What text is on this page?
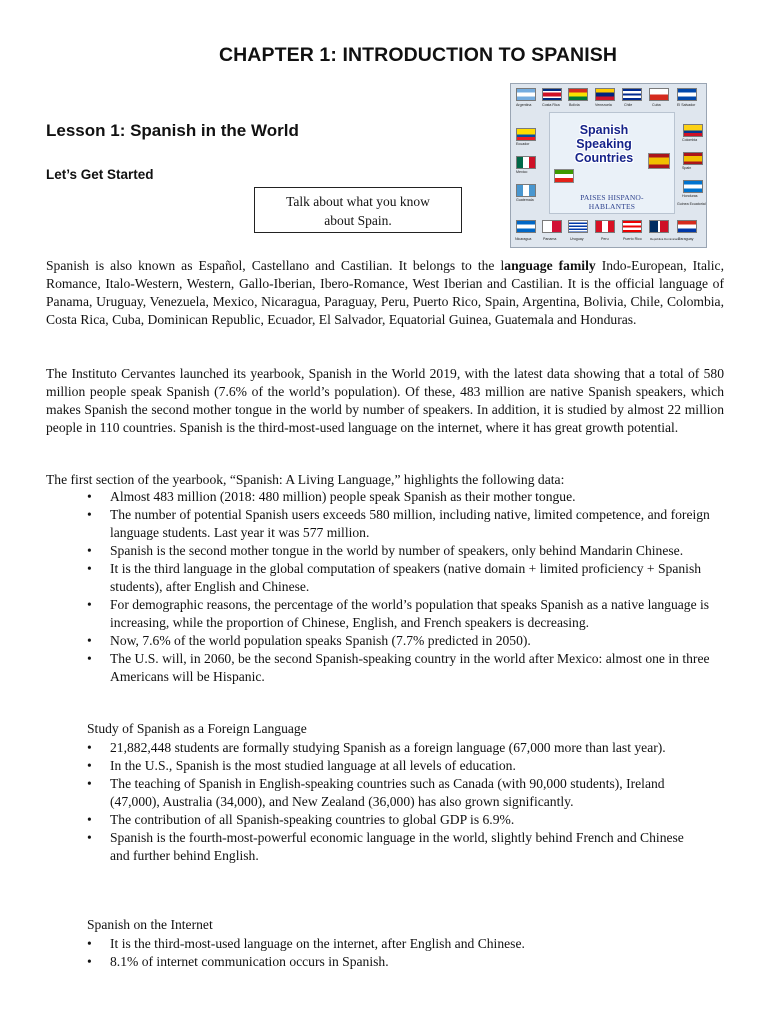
CHAPTER 1: INTRODUCTION TO SPANISH
Lesson 1: Spanish in the World
Let’s Get Started
Talk about what you know
about Spain.
Argentina	Costa Rica	Bolivia	Venezuela	Chile	Cuba	El Salvador
Ecuador
Mexico
Guatemala
Colombia
Spain
Honduras
Guinea Ecuatorial
Spanish Speaking
Countries
PAISES HISPANO-HABLANTES
Nicaragua	Panama	Uruguay	Peru	Puerto Rico	República Dominicana
Paraguay
Spanish is also known as Español, Castellano and Castilian. It belongs to the language family Indo-European, Italic, Romance, Italo-Western, Western, Gallo-Iberian, Ibero-Romance, West Iberian and Castilian. It is the official language of Panama, Uruguay, Venezuela, Mexico, Nicaragua, Paraguay, Peru, Puerto Rico, Spain, Argentina, Bolivia, Chile, Colombia, Costa Rica, Cuba, Dominican Republic, Ecuador, El Salvador, Equatorial Guinea, Guatemala and Honduras.
The Instituto Cervantes launched its yearbook, Spanish in the World 2019, with the latest data showing that a total of 580 million people speak Spanish (7.6% of the world’s population). Of these, 483 million are native Spanish speakers, which makes Spanish the second mother tongue in the world by number of speakers. In addition, it is studied by almost 22 million people in 110 countries. Spanish is the third-most-used language on the internet, where it has great growth potential.
The first section of the yearbook, “Spanish: A Living Language,” highlights the following data:
•	Almost 483 million (2018: 480 million) people speak Spanish as their mother tongue.
•	The number of potential Spanish users exceeds 580 million, including native, limited competence, and foreign language students. Last year it was 577 million.
•	Spanish is the second mother tongue in the world by number of speakers, only behind Mandarin Chinese.
•	It is the third language in the global computation of speakers (native domain + limited proficiency + Spanish students), after English and Chinese.
•	For demographic reasons, the percentage of the world’s population that speaks Spanish as a native language is increasing, while the proportion of Chinese, English, and French speakers is decreasing.
•	Now, 7.6% of the world population speaks Spanish (7.7% predicted in 2050).
•	The U.S. will, in 2060, be the second Spanish-speaking country in the world after Mexico: almost one in three Americans will be Hispanic.
Study of Spanish as a Foreign Language
•	21,882,448 students are formally studying Spanish as a foreign language (67,000 more than last year).
•	In the U.S., Spanish is the most studied language at all levels of education.
•	The teaching of Spanish in English-speaking countries such as Canada (with 90,000 students), Ireland (47,000), Australia (34,000), and New Zealand (36,000) has also grown significantly.
•	The contribution of all Spanish-speaking countries to global GDP is 6.9%.
•	Spanish is the fourth-most-powerful economic language in the world, slightly behind French and Chinese and further behind English.
Spanish on the Internet
•	It is the third-most-used language on the internet, after English and Chinese.
•	8.1% of internet communication occurs in Spanish.
